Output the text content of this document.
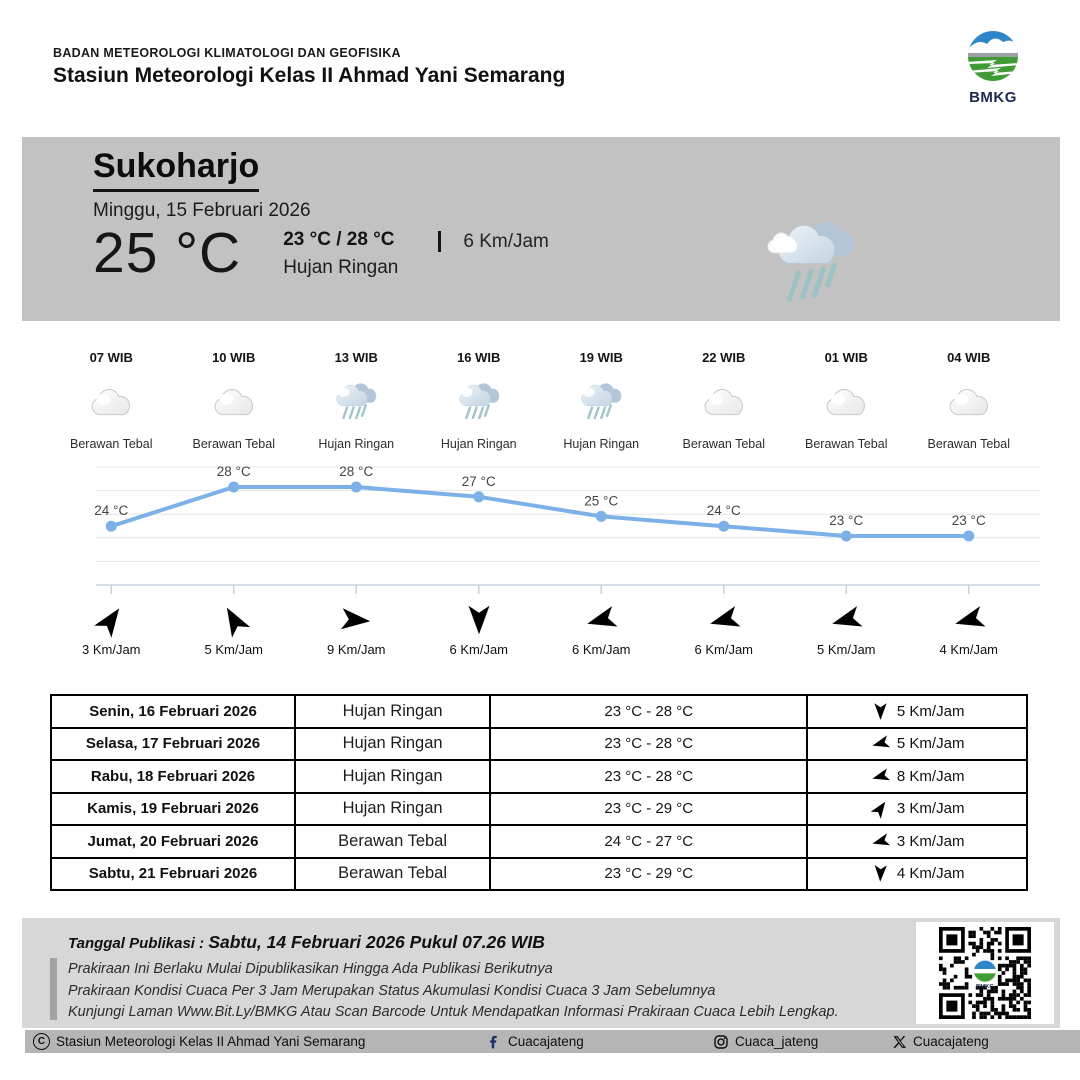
BADAN METEOROLOGI KLIMATOLOGI DAN GEOFISIKA
Stasiun Meteorologi Kelas II Ahmad Yani Semarang
BMKG
Sukoharjo
Minggu, 15 Februari 2026
25 °C 23 °C / 28 °C
Hujan Ringan
6 Km/Jam
07 WIB
Berawan Tebal
10 WIB
Berawan Tebal
13 WIB
Hujan Ringan
16 WIB
Hujan Ringan
19 WIB
Hujan Ringan
22 WIB
Berawan Tebal
01 WIB
Berawan Tebal
04 WIB
Berawan Tebal
24 °C
28 °C	28 °C
27 °C
25 °C
24 °C
23 °C	23 °C
3 Km/Jam	5 Km/Jam	9 Km/Jam	6 Km/Jam	6 Km/Jam	6 Km/Jam	5 Km/Jam	4 Km/Jam
Senin, 16 Februari 2026	Hujan Ringan	23 °C - 28 °C	5 Km/Jam

Selasa, 17 Februari 2026	Hujan Ringan	23 °C - 28 °C	5 Km/Jam

Rabu, 18 Februari 2026	Hujan Ringan	23 °C - 28 °C	8 Km/Jam

Kamis, 19 Februari 2026	Hujan Ringan	23 °C - 29 °C	3 Km/Jam

Jumat, 20 Februari 2026	Berawan Tebal	24 °C - 27 °C	3 Km/Jam

Sabtu, 21 Februari 2026	Berawan Tebal	23 °C - 29 °C	4 Km/Jam
Tanggal Publikasi : Sabtu, 14 Februari 2026 Pukul 07.26 WIB
Prakiraan Ini Berlaku Mulai Dipublikasikan Hingga Ada Publikasi Berikutnya
Prakiraan Kondisi Cuaca Per 3 Jam Merupakan Status Akumulasi Kondisi Cuaca 3 Jam Sebelumnya
Kunjungi Laman Www.Bit.Ly/BMKG Atau Scan Barcode Untuk Mendapatkan Informasi Prakiraan Cuaca Lebih Lengkap.
BMKG
C Stasiun Meteorologi Kelas II Ahmad Yani Semarang	Cuacajateng	Cuaca_jateng	Cuacajateng
